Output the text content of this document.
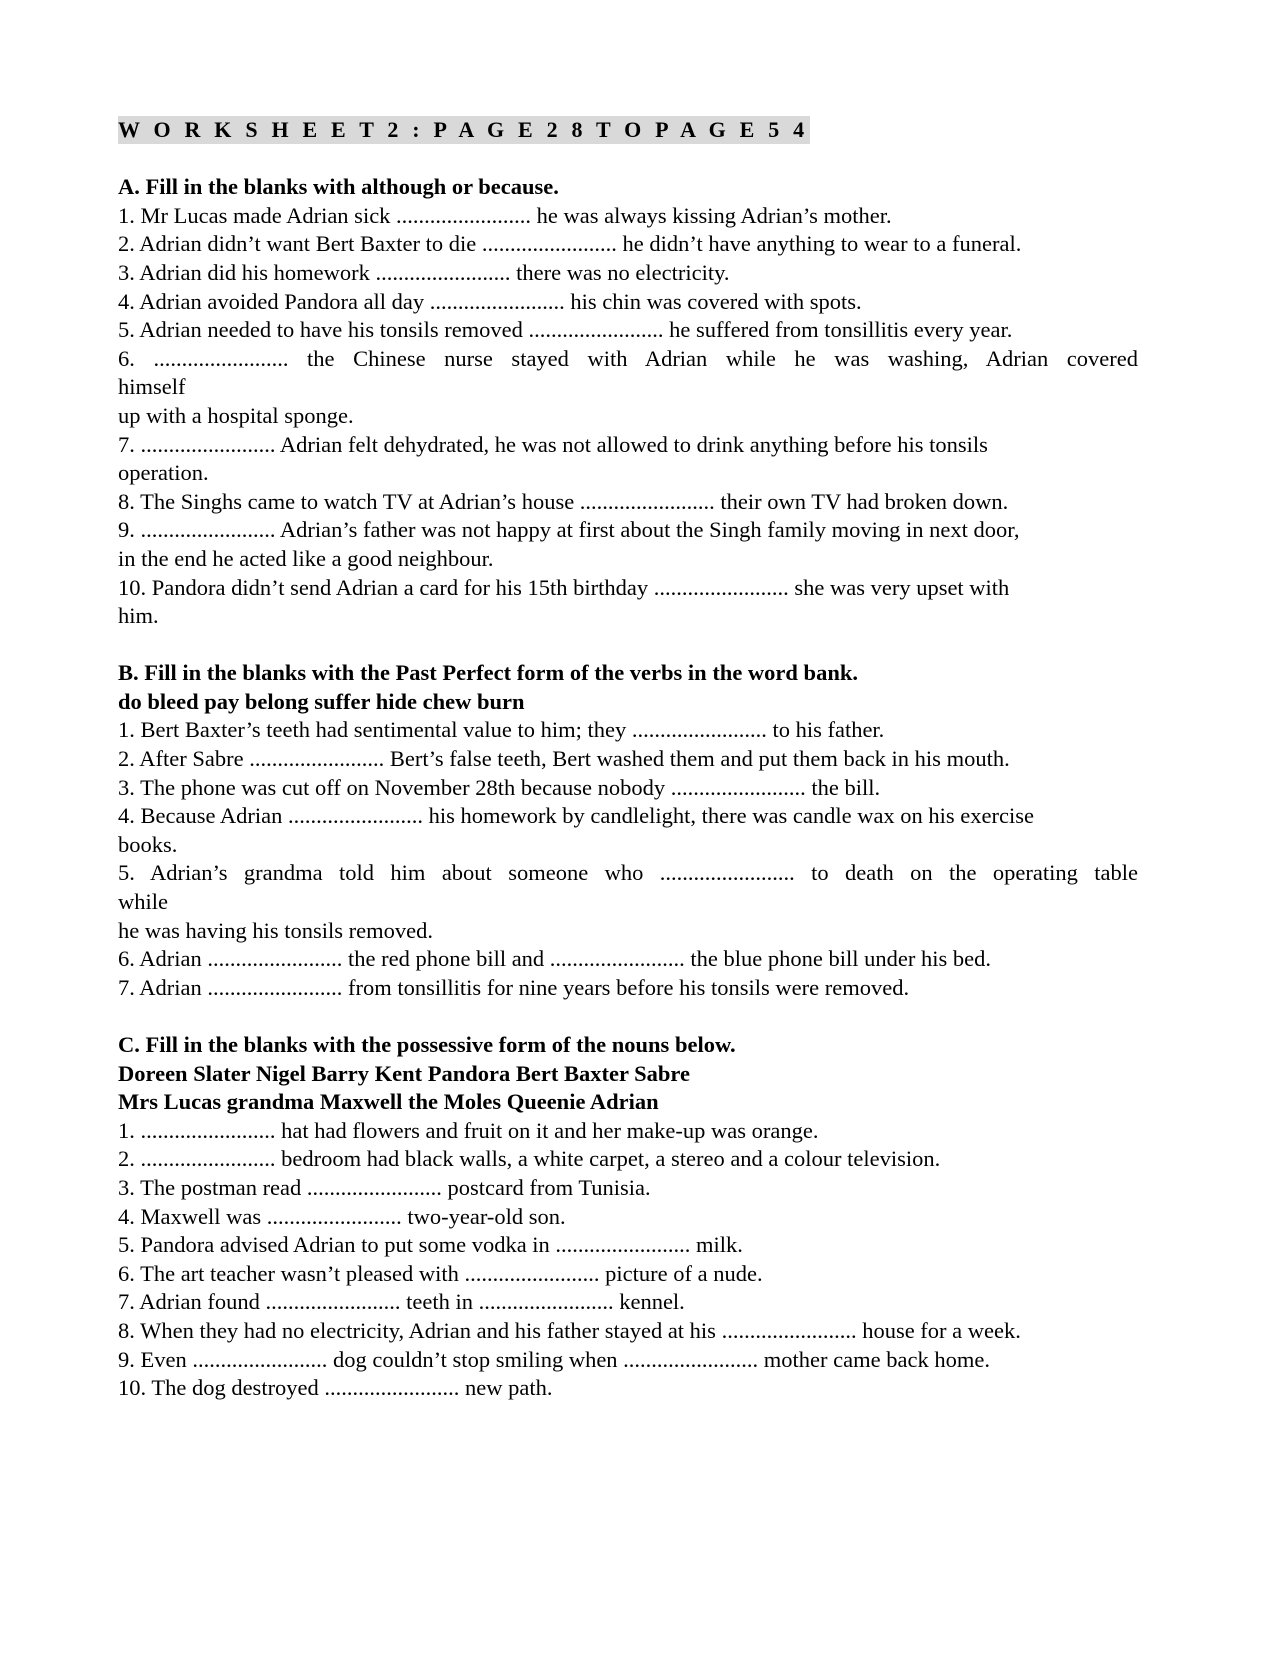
W O R K S H E E T 2 : P A G E 2 8 T O P A G E 5 4

A. Fill in the blanks with although or because.

1. Mr Lucas made Adrian sick ........................ he was always kissing Adrian’s mother.

2. Adrian didn’t want Bert Baxter to die ........................ he didn’t have anything to wear to a funeral.

3. Adrian did his homework ........................ there was no electricity.

4. Adrian avoided Pandora all day ........................ his chin was covered with spots.

5. Adrian needed to have his tonsils removed ........................ he suffered from tonsillitis every year.

6. ........................ the Chinese nurse stayed with Adrian while he was washing, Adrian covered

himself

up with a hospital sponge.

7. ........................ Adrian felt dehydrated, he was not allowed to drink anything before his tonsils

operation.

8. The Singhs came to watch TV at Adrian’s house ........................ their own TV had broken down.

9. ........................ Adrian’s father was not happy at first about the Singh family moving in next door,

in the end he acted like a good neighbour.

10. Pandora didn’t send Adrian a card for his 15th birthday ........................ she was very upset with

him.

B. Fill in the blanks with the Past Perfect form of the verbs in the word bank.

do bleed pay belong suffer hide chew burn

1. Bert Baxter’s teeth had sentimental value to him; they ........................ to his father.

2. After Sabre ........................ Bert’s false teeth, Bert washed them and put them back in his mouth.

3. The phone was cut off on November 28th because nobody ........................ the bill.

4. Because Adrian ........................ his homework by candlelight, there was candle wax on his exercise

books.

5. Adrian’s grandma told him about someone who ........................ to death on the operating table

while

he was having his tonsils removed.

6. Adrian ........................ the red phone bill and ........................ the blue phone bill under his bed.

7. Adrian ........................ from tonsillitis for nine years before his tonsils were removed.

C. Fill in the blanks with the possessive form of the nouns below.

Doreen Slater Nigel Barry Kent Pandora Bert Baxter Sabre

Mrs Lucas grandma Maxwell the Moles Queenie Adrian

1. ........................ hat had flowers and fruit on it and her make-up was orange.

2. ........................ bedroom had black walls, a white carpet, a stereo and a colour television.

3. The postman read ........................ postcard from Tunisia.

4. Maxwell was ........................ two-year-old son.

5. Pandora advised Adrian to put some vodka in ........................ milk.

6. The art teacher wasn’t pleased with ........................ picture of a nude.

7. Adrian found ........................ teeth in ........................ kennel.

8. When they had no electricity, Adrian and his father stayed at his ........................ house for a week.

9. Even ........................ dog couldn’t stop smiling when ........................ mother came back home.

10. The dog destroyed ........................ new path.
